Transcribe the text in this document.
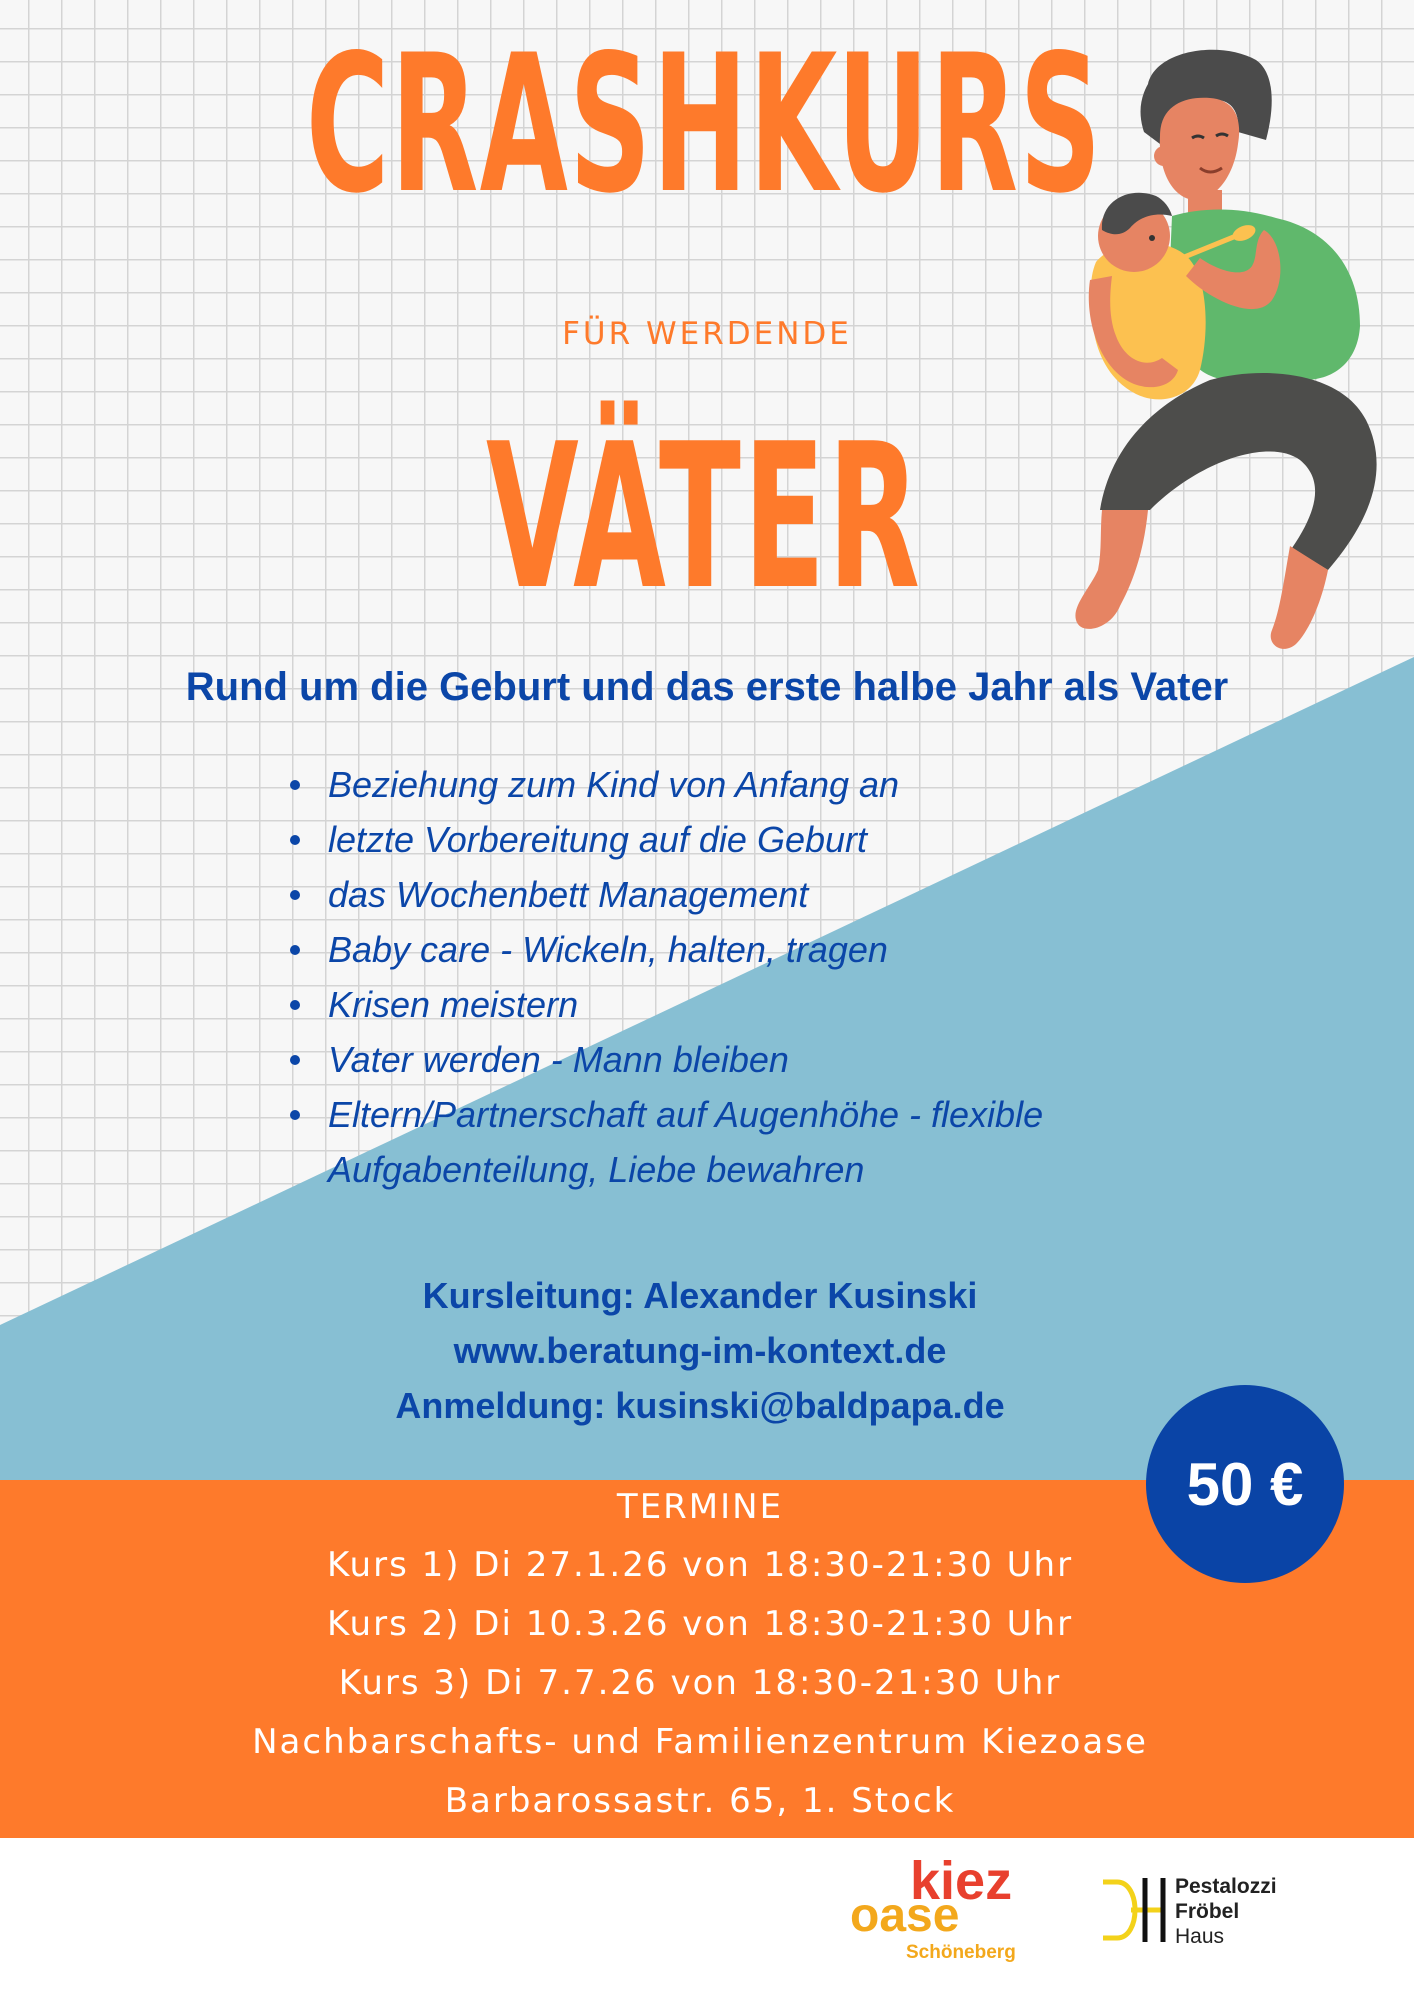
CRASHKURS
FÜR WERDENDE
VÄTER
Rund um die Geburt und das erste halbe Jahr als Vater
Beziehung zum Kind von Anfang an
letzte Vorbereitung auf die Geburt
das Wochenbett Management
Baby care - Wickeln, halten, tragen
Krisen meistern
Vater werden - Mann bleiben
Eltern/Partnerschaft auf Augenhöhe - flexible Aufgabenteilung, Liebe bewahren
Kursleitung: Alexander Kusinski
www.beratung-im-kontext.de
Anmeldung: kusinski@baldpapa.de
TERMINE
Kurs 1) Di 27.1.26 von 18:30-21:30 Uhr
Kurs 2) Di 10.3.26 von 18:30-21:30 Uhr
Kurs 3) Di 7.7.26 von 18:30-21:30 Uhr
Nachbarschafts- und Familienzentrum Kiezoase
Barbarossastr. 65, 1. Stock
50 €
kiez
oase
Schöneberg
Pestalozzi
Fröbel
Haus
